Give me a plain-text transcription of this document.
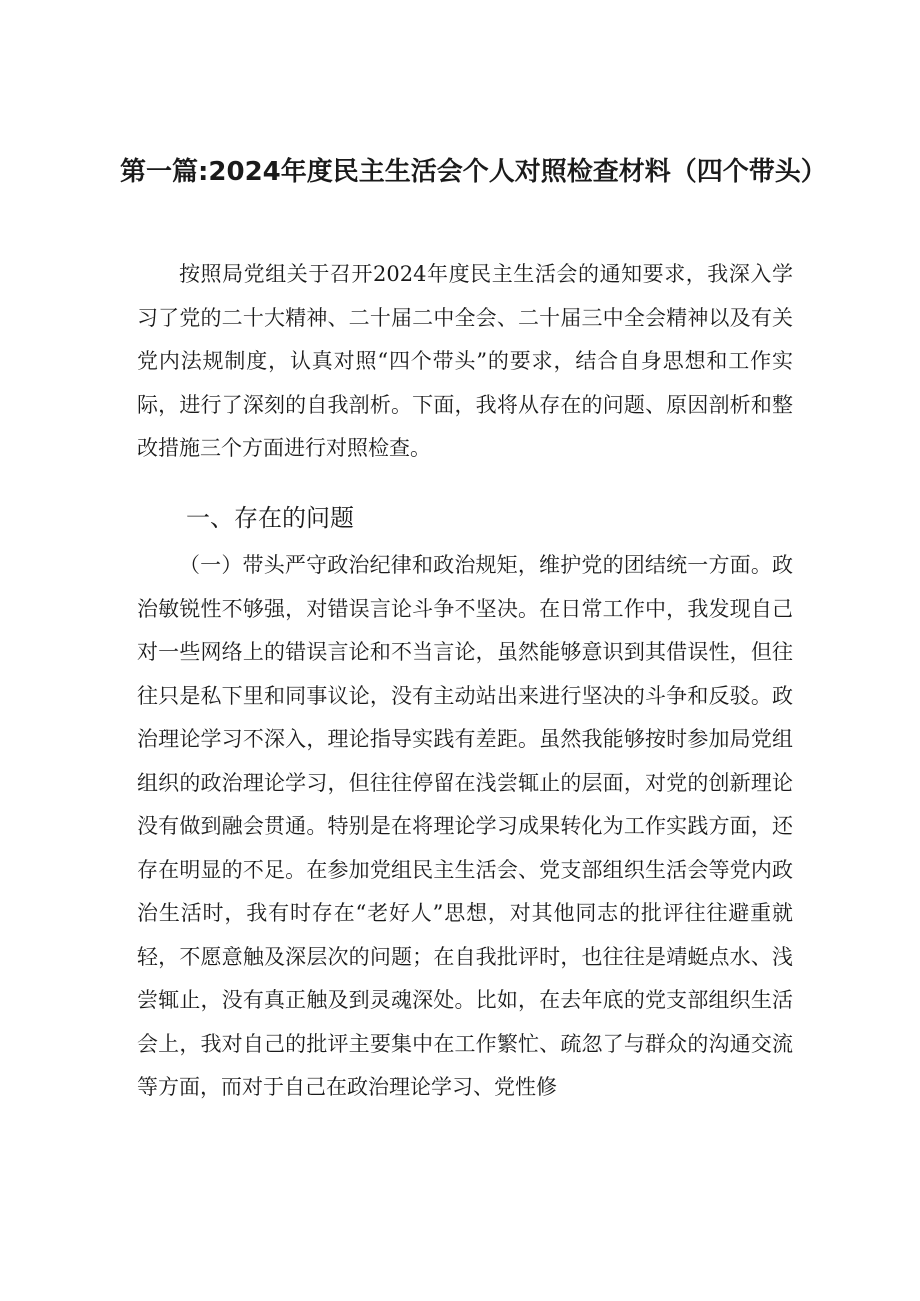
第一篇:2024年度民主生活会个人对照检查材料（四个带头）

按照局党组关于召开2024年度民主生活会的通知要求，我深入学习了党的二十大精神、二十届二中全会、二十届三中全会精神以及有关党内法规制度，认真对照“四个带头”的要求，结合自身思想和工作实际，进行了深刻的自我剖析。下面，我将从存在的问题、原因剖析和整改措施三个方面进行对照检查。

一、存在的问题

（一）带头严守政治纪律和政治规矩，维护党的团结统一方面。政治敏锐性不够强，对错误言论斗争不坚决。在日常工作中，我发现自己对一些网络上的错误言论和不当言论，虽然能够意识到其借误性，但往往只是私下里和同事议论，没有主动站出来进行坚决的斗争和反驳。政治理论学习不深入，理论指导实践有差距。虽然我能够按时参加局党组组织的政治理论学习，但往往停留在浅尝辄止的层面，对党的创新理论没有做到融会贯通。特别是在将理论学习成果转化为工作实践方面，还存在明显的不足。在参加党组民主生活会、党支部组织生活会等党内政治生活时，我有时存在“老好人”思想，对其他同志的批评往往避重就轻，不愿意触及深层次的问题；在自我批评时，也往往是靖蜓点水、浅尝辄止，没有真正触及到灵魂深处。比如，在去年底的党支部组织生活会上，我对自己的批评主要集中在工作繁忙、疏忽了与群众的沟通交流等方面，而对于自己在政治理论学习、党性修
